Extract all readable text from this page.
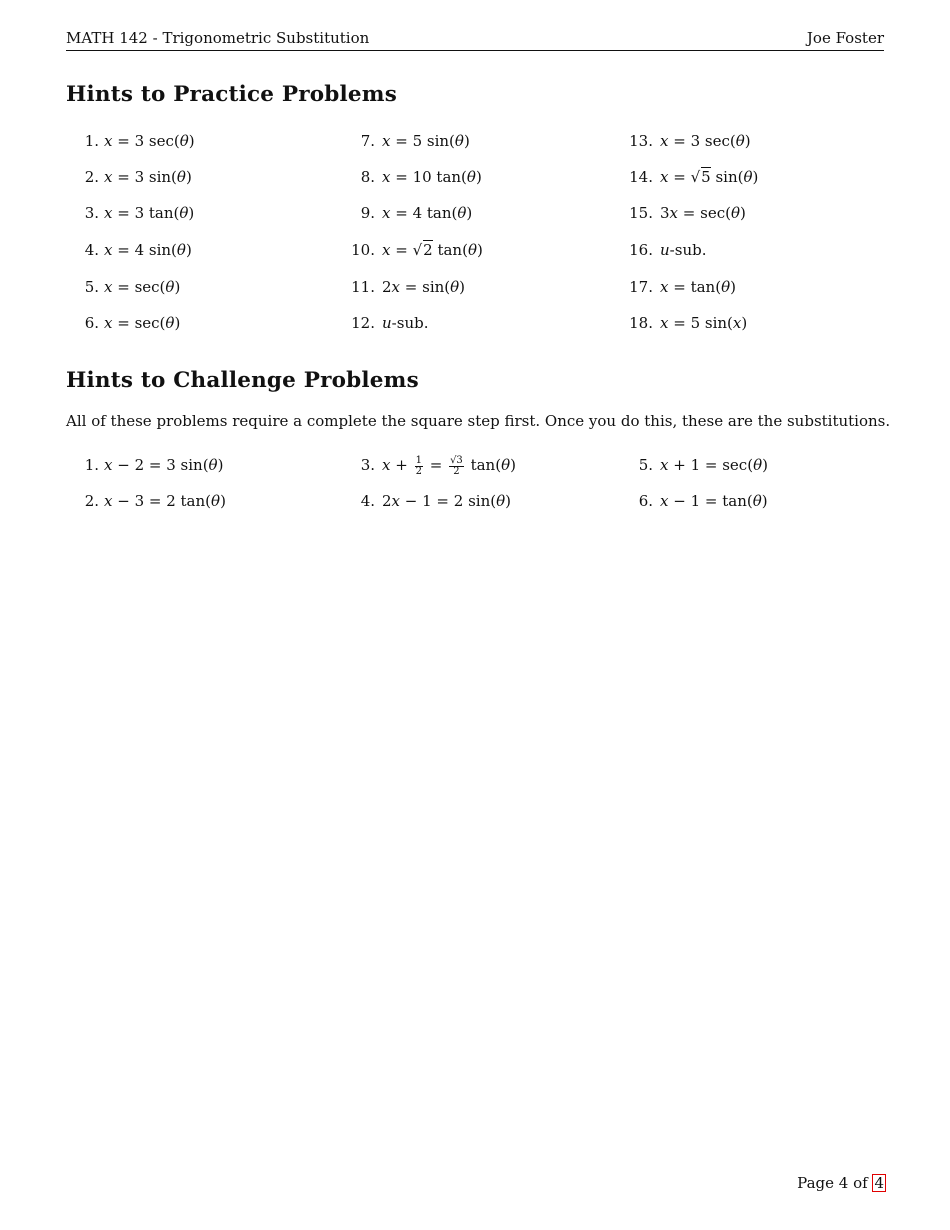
MATH 142 - Trigonometric Substitution	Joe Foster
Hints to Practice Problems
1. x = 3 sec(θ)
2. x = 3 sin(θ)
3. x = 3 tan(θ)
4. x = 4 sin(θ)
5. x = sec(θ)
6. x = sec(θ)
7. x = 5 sin(θ)
8. x = 10 tan(θ)
9. x = 4 tan(θ)
10. x = √2 tan(θ)
11. 2x = sin(θ)
12. u-sub.
13. x = 3 sec(θ)
14. x = √5 sin(θ)
15. 3x = sec(θ)
16. u-sub.
17. x = tan(θ)
18. x = 5 sin(x)
Hints to Challenge Problems

All of these problems require a complete the square step first. Once you do this, these are the substitutions.

1. x − 2 = 3 sin(θ)
2. x − 3 = 2 tan(θ)
3. $x + \frac{1}{2} = \frac{√3}{2} \tan(\theta)$
4. 2x − 1 = 2 sin(θ)
5. x + 1 = sec(θ)
6. x − 1 = tan(θ)
Page 4 of 4
